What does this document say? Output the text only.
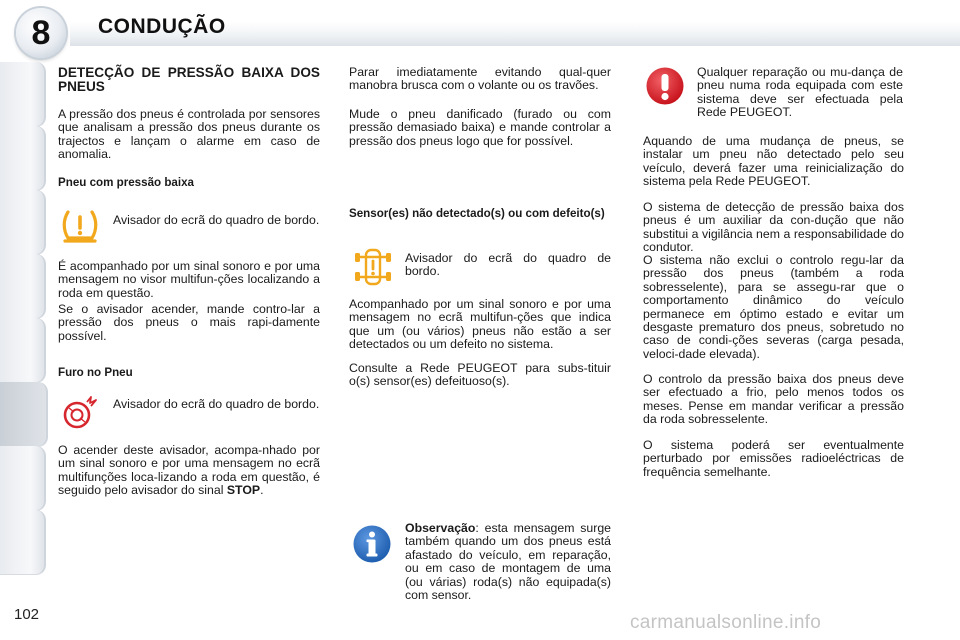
8	CONDUÇÃO

DETECÇÃO DE PRESSÃO BAIXA DOS PNEUS

A pressão dos pneus é controlada por sensores que analisam a pressão dos pneus durante os trajectos e lançam o alarme em caso de anomalia.

Pneu com pressão baixa

Avisador do ecrã do quadro de bordo.

É acompanhado por um sinal sonoro e por uma mensagem no visor multifun-ções localizando a roda em questão.

Se o avisador acender, mande contro-lar a pressão dos pneus o mais rapi-damente possível.

Furo no Pneu

Avisador do ecrã do quadro de bordo.

O acender deste avisador, acompa-nhado por um sinal sonoro e por uma mensagem no ecrã multifunções loca-lizando a roda em questão, é seguido pelo avisador do sinal STOP.

Parar imediatamente evitando qual-quer manobra brusca com o volante ou os travões.

Mude o pneu danificado (furado ou com pressão demasiado baixa) e mande controlar a pressão dos pneus logo que for possível.

Sensor(es) não detectado(s) ou com defeito(s)

Avisador do ecrã do quadro de bordo.

Acompanhado por um sinal sonoro e por uma mensagem no ecrã multifun-ções que indica que um (ou vários) pneus não estão a ser detectados ou um defeito no sistema.

Consulte a Rede PEUGEOT para subs-tituir o(s) sensor(es) defeituoso(s).

Observação: esta mensagem surge também quando um dos pneus está afastado do veículo, em reparação, ou em caso de montagem de uma (ou várias) roda(s) não equipada(s) com sensor.

Qualquer reparação ou mu-dança de pneu numa roda equipada com este sistema deve ser efectuada pela Rede PEUGEOT.

Aquando de uma mudança de pneus, se instalar um pneu não detectado pelo seu veículo, deverá fazer uma reinicialização do sistema pela Rede PEUGEOT.

O sistema de detecção de pressão baixa dos pneus é um auxiliar da con-dução que não substitui a vigilância nem a responsabilidade do condutor.

O sistema não exclui o controlo regu-lar da pressão dos pneus (também a roda sobresselente), para se assegu-rar que o comportamento dinâmico do veículo permanece em óptimo estado e evitar um desgaste prematuro dos pneus, sobretudo no caso de condi-ções severas (carga pesada, veloci-dade elevada).

O controlo da pressão baixa dos pneus deve ser efectuado a frio, pelo menos todos os meses. Pense em mandar verificar a pressão da roda sobresselente.

O sistema poderá ser eventualmente perturbado por emissões radioeléctricas de frequência semelhante.

102	carmanualsonline.info
